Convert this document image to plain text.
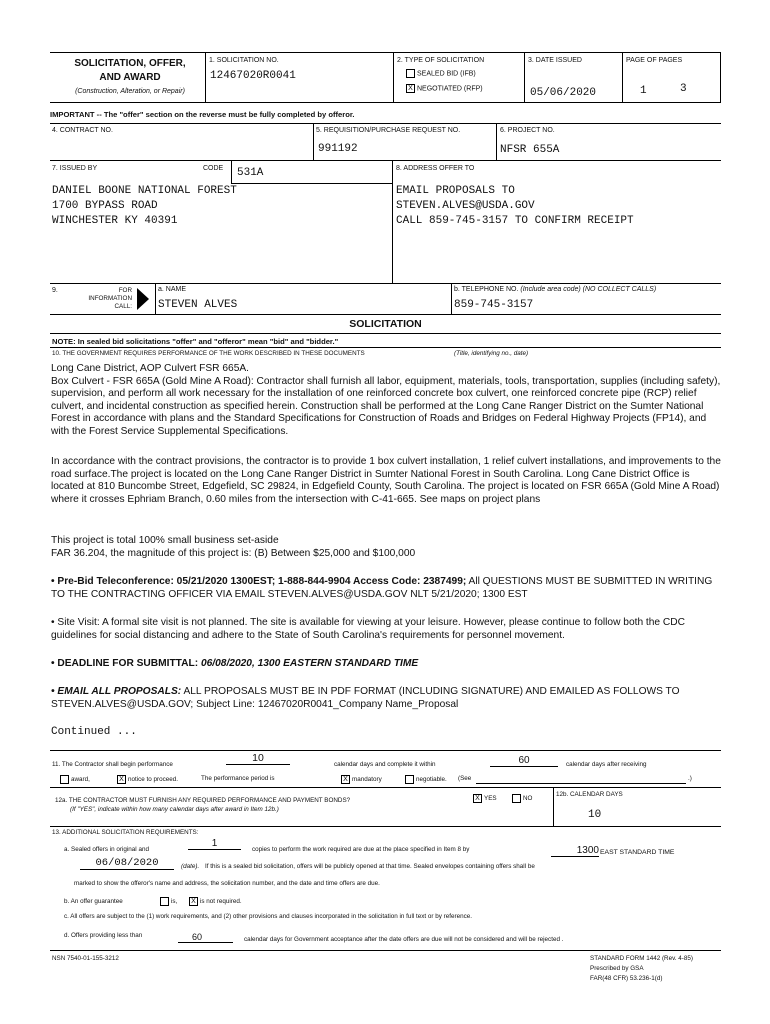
SOLICITATION, OFFER,
AND AWARD
(Construction, Alteration, or Repair)
1. SOLICITATION NO.
12467020R0041
2. TYPE OF SOLICITATION
SEALED BID (IFB)
X NEGOTIATED (RFP)
3. DATE ISSUED
05/06/2020
PAGE OF PAGES
1	3
IMPORTANT -- The "offer" section on the reverse must be fully completed by offeror.
4. CONTRACT NO.	5. REQUISITION/PURCHASE REQUEST NO.
991192
6. PROJECT NO.
NFSR 655A
7. ISSUED BY	CODE 531A
DANIEL BOONE NATIONAL FOREST
1700 BYPASS ROAD
WINCHESTER KY 40391
8. ADDRESS OFFER TO
EMAIL PROPOSALS TO
STEVEN.ALVES@USDA.GOV
CALL 859-745-3157 TO CONFIRM RECEIPT
9.	FOR
INFORMATION
CALL:
a. NAME
STEVEN ALVES
b. TELEPHONE NO. (Include area code) (NO COLLECT CALLS)
859-745-3157
SOLICITATION
NOTE: In sealed bid solicitations "offer" and "offeror" mean "bid" and "bidder."
10. THE GOVERNMENT REQUIRES PERFORMANCE OF THE WORK DESCRIBED IN THESE DOCUMENTS	(Title, identifying no., date)
Long Cane District, AOP Culvert FSR 665A.
Box Culvert - FSR 665A (Gold Mine A Road): Contractor shall furnish all labor, equipment, materials, tools, transportation, supplies (including safety), supervision, and perform all work necessary for the installation of one reinforced concrete box culvert, one reinforced concrete pipe (RCP) relief culvert, and incidental construction as specified herein. Construction shall be performed at the Long Cane Ranger District on the Sumter National Forest in accordance with plans and the Standard Specifications for Construction of Roads and Bridges on Federal Highway Projects (FP14), and with the Forest Service Supplemental Specifications.
In accordance with the contract provisions, the contractor is to provide 1 box culvert installation, 1 relief culvert installations, and improvements to the road surface.The project is located on the Long Cane Ranger District in Sumter National Forest in South Carolina. Long Cane District Office is located at 810 Buncombe Street, Edgefield, SC 29824, in Edgefield County, South Carolina. The project is located on FSR 665A (Gold Mine A Road) where it crosses Ephriam Branch, 0.60 miles from the intersection with C-41-665. See maps on project plans
This project is total 100% small business set-aside
FAR 36.204, the magnitude of this project is: (B) Between $25,000 and $100,000
• Pre-Bid Teleconference: 05/21/2020 1300EST; 1-888-844-9904 Access Code: 2387499; All QUESTIONS MUST BE SUBMITTED IN WRITING TO THE CONTRACTING OFFICER VIA EMAIL STEVEN.ALVES@USDA.GOV NLT 5/21/2020; 1300 EST
• Site Visit: A formal site visit is not planned. The site is available for viewing at your leisure. However, please continue to follow both the CDC guidelines for social distancing and adhere to the State of South Carolina's requirements for personnel movement.
• DEADLINE FOR SUBMITTAL: 06/08/2020, 1300 EASTERN STANDARD TIME
• EMAIL ALL PROPOSALS: ALL PROPOSALS MUST BE IN PDF FORMAT (INCLUDING SIGNATURE) AND EMAILED AS FOLLOWS TO STEVEN.ALVES@USDA.GOV; Subject Line: 12467020R0041_Company Name_Proposal
Continued ...
11. The Contractor shall begin performance
10
calendar days and complete it within	60	calendar days after receiving
award,	X notice to proceed.	The performance period is	X mandatory	negotiable. (See	.)
12a. THE CONTRACTOR MUST FURNISH ANY REQUIRED PERFORMANCE AND PAYMENT BONDS?
(If "YES", indicate within how many calendar days after award in Item 12b.)
X YES	NO
12b. CALENDAR DAYS
10
13. ADDITIONAL SOLICITATION REQUIREMENTS:
a. Sealed offers in original and
1
copies to perform the work required are due at the place specified in Item 8 by	1300 EAST STANDARD TIME
06/08/2020	(date). If this is a sealed bid solicitation, offers will be publicly opened at that time. Sealed envelopes containing offers shall be
marked to show the offeror's name and address, the solicitation number, and the date and time offers are due.
b. An offer guarantee	is,	X is not required.
c. All offers are subject to the (1) work requirements, and (2) other provisions and clauses incorporated in the solicitation in full text or by reference.
d. Offers providing less than	60	calendar days for Government acceptance after the date offers are due will not be considered and will be rejected .
NSN 7540-01-155-3212	STANDARD FORM 1442 (Rev. 4-85)
Prescribed by GSA
FAR(48 CFR) 53.236-1(d)
